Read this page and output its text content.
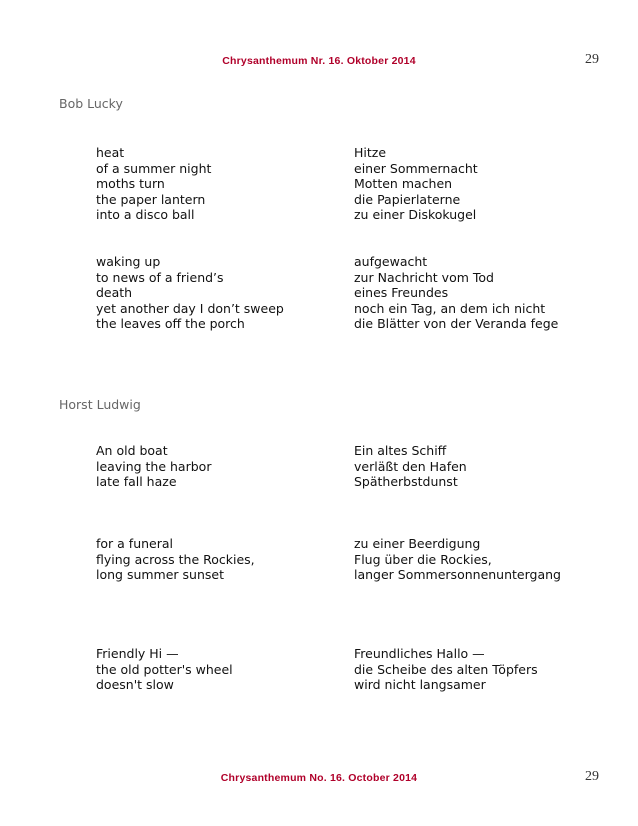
Chrysanthemum Nr. 16. Oktober 2014	29
Bob Lucky
heat
of a summer night
moths turn
the paper lantern
into a disco ball
Hitze
einer Sommernacht
Motten machen
die Papierlaterne
zu einer Diskokugel
waking up
to news of a friend’s
death
yet another day I don’t sweep
the leaves off the porch
aufgewacht
zur Nachricht vom Tod
eines Freundes
noch ein Tag, an dem ich nicht
die Blätter von der Veranda fege
Horst Ludwig
An old boat
leaving the harbor
late fall haze
Ein altes Schiff
verläßt den Hafen
Spätherbstdunst
for a funeral
flying across the Rockies,
long summer sunset
zu einer Beerdigung
Flug über die Rockies,
langer Sommersonnenuntergang
Friendly Hi —
the old potter's wheel
doesn't slow
Freundliches Hallo —
die Scheibe des alten Töpfers
wird nicht langsamer
Chrysanthemum No. 16. October 2014	29
